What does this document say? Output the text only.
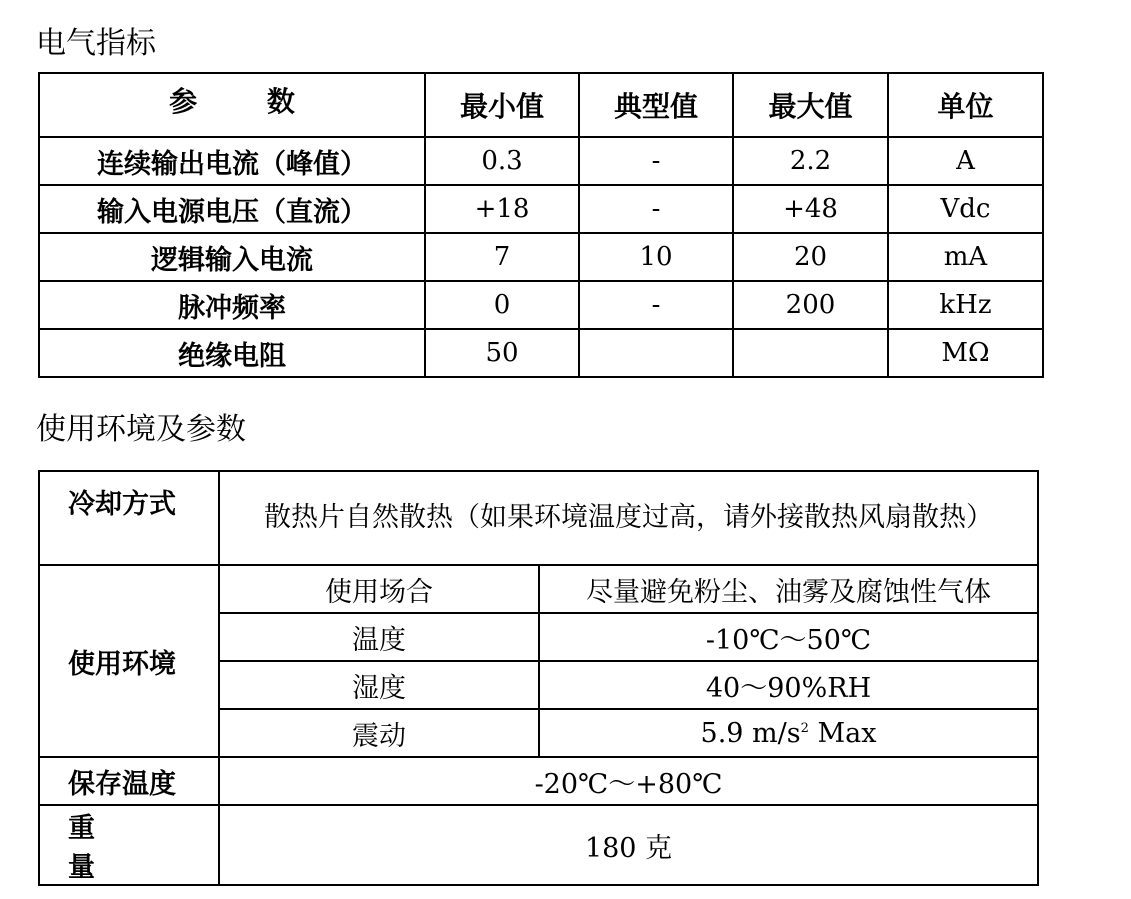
电气指标
参 数	最小值	典型值	最大值	单位
连续输出电流（峰值）	0.3	-	2.2	A
输入电源电压（直流）	+18	-	+48	Vdc
逻辑输入电流	7	10	20	mA
脉冲频率	0	-	200	kHz
绝缘电阻	50			MΩ
使用环境及参数
冷却方式	散热片自然散热（如果环境温度过高，请外接散热风扇散热）	
使用环境	使用场合	尽量避免粉尘、油雾及腐蚀性气体
	温度	-10℃～50℃
	湿度	40～90%RH
	震动	5.9 $m/s^2$ Max
保存温度	-20℃～+80℃	
重量	180 克	
